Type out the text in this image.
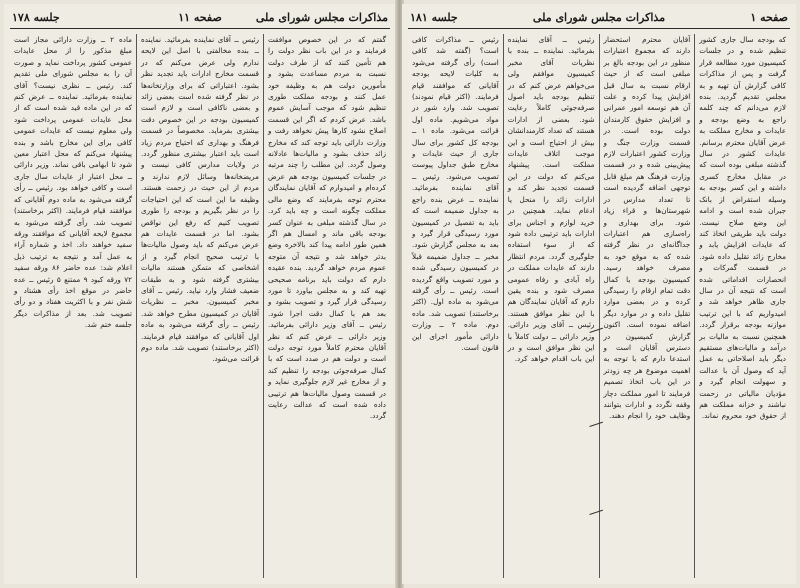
مذاکرات مجلس شورای ملی
صفحه ۱۱
جلسه ۱۷۸
گفتم که در این خصوص موافقت فرمایند و در این باب نظر دولت را هم تأمین کنند که از طرف دولت نسبت به مردم مساعدت بشود و مأمورین دولت هم به وظیفه خود عمل کنند و بودجه مملکت طوری تنظیم شود که موجب آسایش عموم باشد. عرض کردم که اگر این قسمت اصلاح نشود کارها پیش نخواهد رفت و وزارت دارائی باید توجه کند که مخارج زائد حذف بشود و مالیات‌ها عادلانه وصول گردد. این مطلب را چند مرتبه در جلسات کمیسیون بودجه هم عرض کرده‌ام و امیدوارم که آقایان نمایندگان محترم توجه بفرمایند که وضع مالی مملکت چگونه است و چه باید کرد. در سال گذشته مبلغی به عنوان کسر بودجه باقی ماند و امسال هم اگر همین طور ادامه پیدا کند بالاخره وضع بدتر خواهد شد و نتیجه آن متوجه عموم مردم خواهد گردید. بنده عقیده دارم که دولت باید برنامه صحیحی تهیه کند و به مجلس بیاورد تا مورد رسیدگی قرار گیرد و تصویب بشود و بعد هم با کمال دقت اجرا شود. رئیس ــ آقای وزیر دارائی بفرمائید. وزیر دارائی ــ عرض کنم که نظر آقایان محترم کاملاً مورد توجه دولت است و دولت هم در صدد است که با کمال صرفه‌جوئی بودجه را تنظیم کند و از مخارج غیر لازم جلوگیری نماید و در قسمت وصول مالیات‌ها هم ترتیبی داده شده است که عدالت رعایت گردد.
رئیس ــ آقای نماینده بفرمائید. نماینده ــ بنده مخالفتی با اصل این لایحه ندارم ولی عرض می‌کنم که در قسمت مخارج ادارات باید تجدید نظر بشود. اعتباراتی که برای وزارتخانه‌ها در نظر گرفته شده است بعضی زائد و بعضی ناکافی است و لازم است کمیسیون بودجه در این خصوص دقت بیشتری بفرماید. مخصوصاً در قسمت فرهنگ و بهداری که احتیاج مردم زیاد است باید اعتبار بیشتری منظور گردد. در ولایات مدارس کافی نیست و مریضخانه‌ها وسائل لازم ندارند و مردم از این حیث در زحمت هستند. وظیفه ما این است که این احتیاجات را در نظر بگیریم و بودجه را طوری تصویب کنیم که رفع این نواقص بشود. اما در قسمت عایدات هم عرض می‌کنم که باید وصول مالیات‌ها با ترتیب صحیح انجام گیرد و از اشخاصی که متمکن هستند مالیات بیشتری گرفته شود و به طبقات ضعیف فشار وارد نیاید. رئیس ــ آقای مخبر کمیسیون. مخبر ــ نظریات آقایان در کمیسیون مطرح خواهد شد. رئیس ــ رأی گرفته می‌شود به ماده اول آقایانی که موافقند قیام فرمایند. (اکثر برخاستند) تصویب شد. ماده دوم قرائت می‌شود.
ماده ۲ ــ وزارت دارائی مجاز است مبلغ مذکور را از محل عایدات عمومی کشور پرداخت نماید و صورت آن را به مجلس شورای ملی تقدیم کند. رئیس ــ نظری نیست؟ آقای نماینده بفرمائید. نماینده ــ عرض کنم که در این ماده قید شده است که از محل عایدات عمومی پرداخت شود ولی معلوم نیست که عایدات عمومی کافی برای این مخارج باشد و بنده پیشنهاد می‌کنم که محل اعتبار معین شود تا ابهامی باقی نماند. وزیر دارائی ــ محل اعتبار از عایدات سال جاری است و کافی خواهد بود. رئیس ــ رأی گرفته می‌شود به ماده دوم آقایانی که موافقند قیام فرمایند. (اکثر برخاستند) تصویب شد. رأی گرفته می‌شود به مجموع لایحه آقایانی که موافقند ورقه سفید خواهند داد. اخذ و شماره آراء به عمل آمد و نتیجه به ترتیب ذیل اعلام شد: عده حاضر ۸۶ ورقه سفید ۷۲ ورقه کبود ۹ ممتنع ۵ رئیس ــ عده حاضر در موقع اخذ رأی هشتاد و شش نفر و با اکثریت هفتاد و دو رأی تصویب شد. بعد از مذاکرات دیگر جلسه ختم شد.
صفحه ۱
مذاکرات مجلس شورای ملی
جلسه ۱۸۱
که بودجه سال جاری کشور تنظیم شده و در جلسات کمیسیون مورد مطالعه قرار گرفت و پس از مذاکرات کافی گزارش آن تهیه و به مجلس تقدیم گردید. بنده لازم می‌دانم که چند کلمه راجع به وضع بودجه و عایدات و مخارج مملکت به عرض آقایان محترم برسانم. عایدات کشور در سال گذشته مبلغی بوده است که در مقابل مخارج کسری داشته و این کسر بودجه به وسیله استقراض از بانک جبران شده است و ادامه این وضع صلاح نیست. دولت باید طریقی اتخاذ کند که عایدات افزایش یابد و مخارج زائد تقلیل داده شود. در قسمت گمرکات و انحصارات اقداماتی شده است که نتیجه آن در سال جاری ظاهر خواهد شد و امیدواریم که با این ترتیب موازنه بودجه برقرار گردد. همچنین نسبت به مالیات بر درآمد و مالیات‌های مستقیم دیگر باید اصلاحاتی به عمل آید که وصول آن با عدالت و سهولت انجام گیرد و مؤدیان مالیاتی در زحمت نباشند و خزانه مملکت هم از حقوق خود محروم نماند.
آقایان محترم استحضار دارند که مجموع اعتبارات منظور در این بودجه بالغ بر مبلغی است که از حیث ارقام نسبت به سال قبل افزایش پیدا کرده و علت آن هم توسعه امور عمرانی و افزایش حقوق کارمندان دولت بوده است. در قسمت وزارت جنگ و وزارت کشور اعتبارات لازم پیش‌بینی شده و در قسمت وزارت فرهنگ هم مبلغ قابل توجهی اضافه گردیده است تا تعداد مدارس در شهرستان‌ها و قراء زیاد شود. برای بهداری و راه‌سازی هم اعتبارات جداگانه‌ای در نظر گرفته شده که به موقع خود به مصرف خواهد رسید. کمیسیون بودجه با کمال دقت تمام ارقام را رسیدگی کرده و در بعضی موارد تقلیل داده و در موارد دیگر اضافه نموده است. اکنون گزارش کمیسیون در دسترس آقایان است و استدعا دارم که با توجه به اهمیت موضوع هر چه زودتر در این باب اتخاذ تصمیم فرمایند تا امور مملکت دچار وقفه نگردد و ادارات بتوانند وظایف خود را انجام دهند.
رئیس ــ آقای نماینده بفرمائید. نماینده ــ بنده با نظریات آقای مخبر کمیسیون موافقم ولی می‌خواهم عرض کنم که در تنظیم بودجه باید اصول صرفه‌جوئی کاملاً رعایت شود. بعضی از ادارات هستند که تعداد کارمندانشان بیش از احتیاج است و این موجب اتلاف عایدات مملکت است. پیشنهاد می‌کنم که دولت در این قسمت تجدید نظر کند و ادارات زائد را منحل یا ادغام نماید. همچنین در خرید لوازم و اجناس برای ادارات باید ترتیبی داده شود که از سوء استفاده جلوگیری گردد. مردم انتظار دارند که عایدات مملکت در راه آبادی و رفاه عمومی مصرف شود و بنده یقین دارم که آقایان نمایندگان هم با این نظر موافق هستند. رئیس ــ آقای وزیر دارائی. وزیر دارائی ــ دولت کاملاً با این نظر موافق است و در این باب اقدام خواهد کرد.
رئیس ــ مذاکرات کافی است؟ (گفته شد کافی است) رأی گرفته می‌شود به کلیات لایحه بودجه آقایانی که موافقند قیام فرمایند. (اکثر قیام نمودند) تصویب شد. وارد شور در مواد می‌شویم. ماده اول قرائت می‌شود. ماده ۱ ــ بودجه کل کشور برای سال جاری از حیث عایدات و مخارج طبق جداول پیوست تصویب می‌شود. رئیس ــ آقای نماینده بفرمائید. نماینده ــ عرض بنده راجع به جداول ضمیمه است که باید به تفصیل در کمیسیون مورد رسیدگی قرار گیرد و بعد به مجلس گزارش شود. مخبر ــ جداول ضمیمه قبلاً در کمیسیون رسیدگی شده و مورد تصویب واقع گردیده است. رئیس ــ رأی گرفته می‌شود به ماده اول. (اکثر برخاستند) تصویب شد. ماده دوم. ماده ۲ ــ وزارت دارائی مأمور اجرای این قانون است.
